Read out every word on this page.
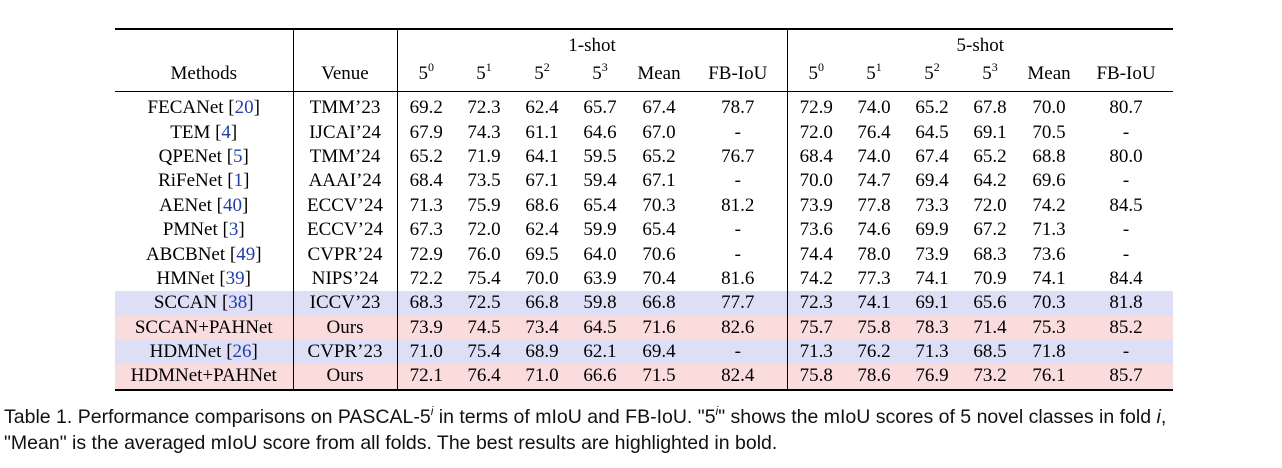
		1-shot						5-shot					
Methods	Venue	$5^0$	$5^1$	$5^2$	$5^3$	Mean	FB-IoU	$5^0$	$5^1$	$5^2$	$5^3$	Mean	FB-IoU
FECANet [20]	TMM’23	69.2	72.3	62.4	65.7	67.4	78.7	72.9	74.0	65.2	67.8	70.0	80.7
TEM [4]	IJCAI’24	67.9	74.3	61.1	64.6	67.0	-	72.0	76.4	64.5	69.1	70.5	-
QPENet [5]	TMM’24	65.2	71.9	64.1	59.5	65.2	76.7	68.4	74.0	67.4	65.2	68.8	80.0
RiFeNet [1]	AAAI’24	68.4	73.5	67.1	59.4	67.1	-	70.0	74.7	69.4	64.2	69.6	-
AENet [40]	ECCV’24	71.3	75.9	68.6	65.4	70.3	81.2	73.9	77.8	73.3	72.0	74.2	84.5
PMNet [3]	ECCV’24	67.3	72.0	62.4	59.9	65.4	-	73.6	74.6	69.9	67.2	71.3	-
ABCBNet [49]	CVPR’24	72.9	76.0	69.5	64.0	70.6	-	74.4	78.0	73.9	68.3	73.6	-
HMNet [39]	NIPS’24	72.2	75.4	70.0	63.9	70.4	81.6	74.2	77.3	74.1	70.9	74.1	84.4
SCCAN [38]	ICCV’23	68.3	72.5	66.8	59.8	66.8	77.7	72.3	74.1	69.1	65.6	70.3	81.8
SCCAN+PAHNet	Ours	73.9	74.5	73.4	64.5	71.6	82.6	75.7	75.8	78.3	71.4	75.3	85.2
HDMNet [26]	CVPR’23	71.0	75.4	68.9	62.1	69.4	-	71.3	76.2	71.3	68.5	71.8	-
HDMNet+PAHNet	Ours	72.1	76.4	71.0	66.6	71.5	82.4	75.8	78.6	76.9	73.2	76.1	85.7

Table 1. Performance comparisons on PASCAL-5$^i$ in terms of mIoU and FB-IoU. "5$^i$" shows the mIoU scores of 5 novel classes in fold i,

"Mean" is the averaged mIoU score from all folds. The best results are highlighted in bold.
